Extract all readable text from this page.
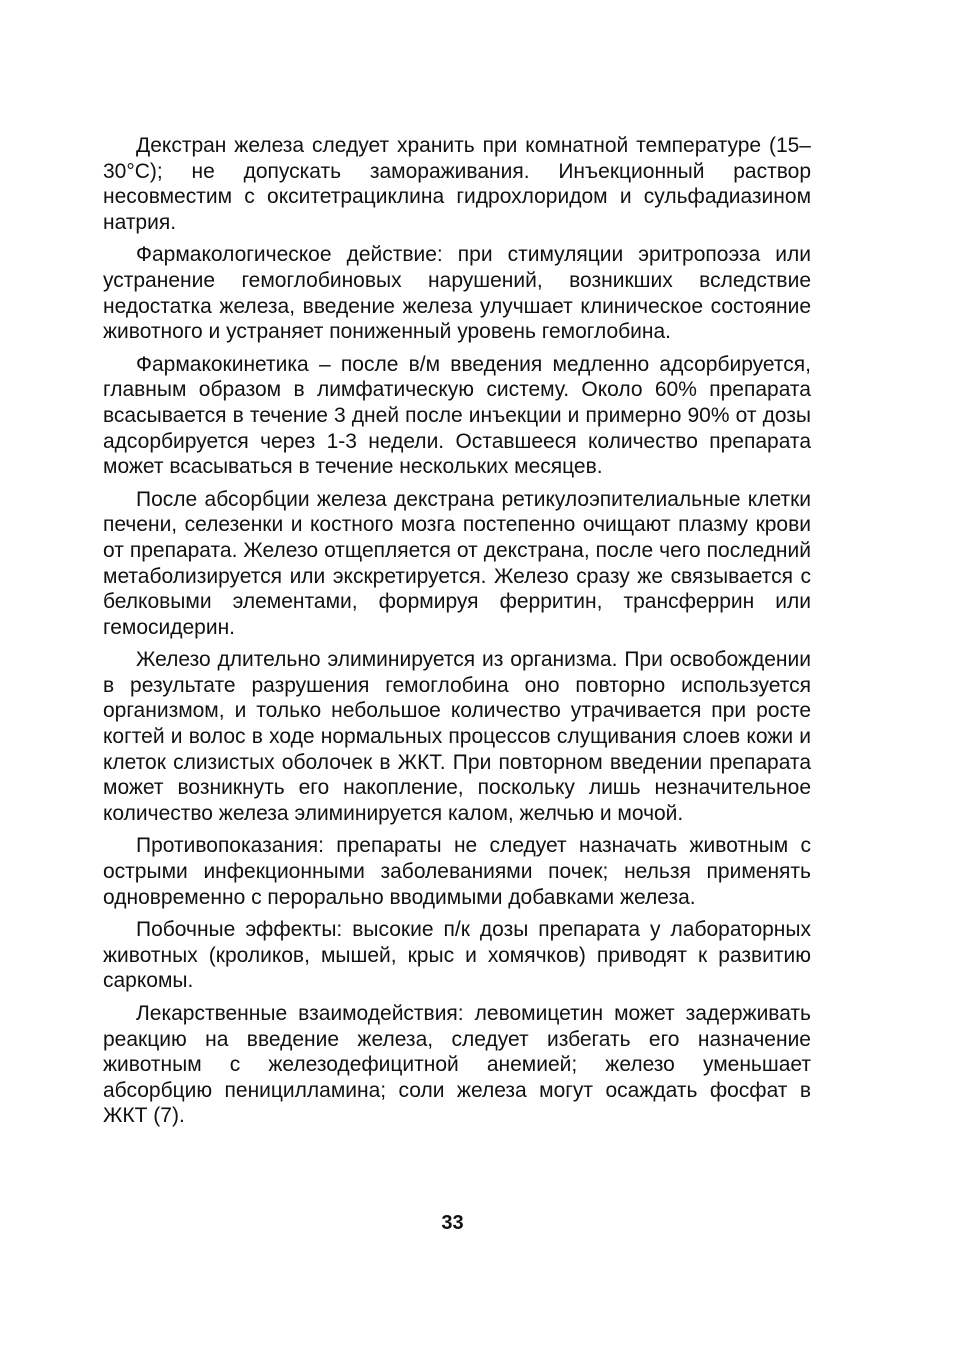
Декстран железа следует хранить при комнатной температуре (15–30°С); не допускать замораживания. Инъекционный раствор несовместим с окситетрациклина гидрохлоридом и сульфадиазином натрия.

Фармакологическое действие: при стимуляции эритропоэза или устранение гемоглобиновых нарушений, возникших вследствие недостатка железа, введение железа улучшает клиническое состояние животного и устраняет пониженный уровень гемоглобина.

Фармакокинетика – после в/м введения медленно адсорбируется, главным образом в лимфатическую систему. Около 60% препарата всасывается в течение 3 дней после инъекции и примерно 90% от дозы адсорбируется через 1-3 недели. Оставшееся количество препарата может всасываться в течение нескольких месяцев.

После абсорбции железа декстрана ретикулоэпителиальные клетки печени, селезенки и костного мозга постепенно очищают плазму крови от препарата. Железо отщепляется от декстрана, после чего последний метаболизируется или экскретируется. Железо сразу же связывается с белковыми элементами, формируя ферритин, трансферрин или гемосидерин.

Железо длительно элиминируется из организма. При освобождении в результате разрушения гемоглобина оно повторно используется организмом, и только небольшое количество утрачивается при росте когтей и волос в ходе нормальных процессов слущивания слоев кожи и клеток слизистых оболочек в ЖКТ. При повторном введении препарата может возникнуть его накопление, поскольку лишь незначительное количество железа элиминируется калом, желчью и мочой.

Противопоказания: препараты не следует назначать животным с острыми инфекционными заболеваниями почек; нельзя применять одновременно с перорально вводимыми добавками железа.

Побочные эффекты: высокие п/к дозы препарата у лабораторных животных (кроликов, мышей, крыс и хомячков) приводят к развитию саркомы.

Лекарственные взаимодействия: левомицетин может задерживать реакцию на введение железа, следует избегать его назначение животным с железодефицитной анемией; железо уменьшает абсорбцию пеницилламина; соли железа могут осаждать фосфат в ЖКТ (7).

33
